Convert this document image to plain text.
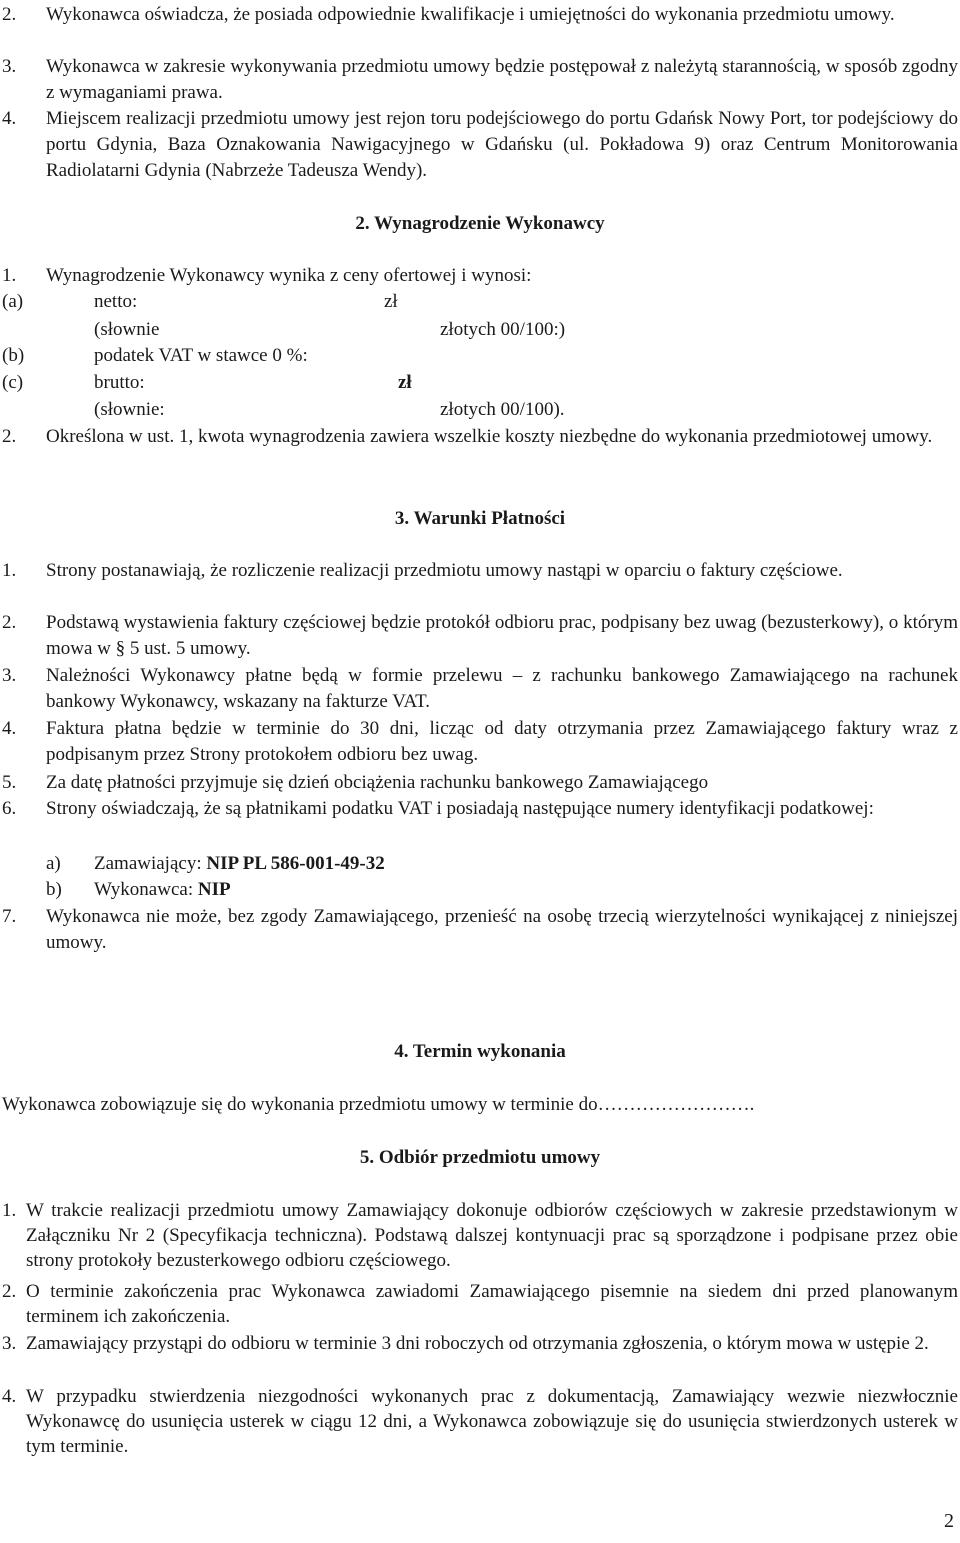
2. Wykonawca oświadcza, że posiada odpowiednie kwalifikacje i umiejętności do wykonania przedmiotu umowy.
3. Wykonawca w zakresie wykonywania przedmiotu umowy będzie postępował z należytą starannością, w sposób zgodny z wymaganiami prawa.
4. Miejscem realizacji przedmiotu umowy jest rejon toru podejściowego do portu Gdańsk Nowy Port, tor podejściowy do portu Gdynia, Baza Oznakowania Nawigacyjnego w Gdańsku (ul. Pokładowa 9) oraz Centrum Monitorowania Radiolatarni Gdynia (Nabrzeże Tadeusza Wendy).
2. Wynagrodzenie Wykonawcy
1. Wynagrodzenie Wykonawcy wynika z ceny ofertowej i wynosi:
(a)	netto:	zł
(słownie	złotych 00/100:)
(b)	podatek VAT w stawce 0 %:
(c)	brutto:	zł
(słownie:	złotych 00/100).
2. Określona w ust. 1, kwota wynagrodzenia zawiera wszelkie koszty niezbędne do wykonania przedmiotowej umowy.
3. Warunki Płatności
1. Strony postanawiają, że rozliczenie realizacji przedmiotu umowy nastąpi w oparciu o faktury częściowe.
2. Podstawą wystawienia faktury częściowej będzie protokół odbioru prac, podpisany bez uwag (bezusterkowy), o którym mowa w § 5 ust. 5 umowy.
3. Należności Wykonawcy płatne będą w formie przelewu – z rachunku bankowego Zamawiającego na rachunek bankowy Wykonawcy, wskazany na fakturze VAT.
4. Faktura płatna będzie w terminie do 30 dni, licząc od daty otrzymania przez Zamawiającego faktury wraz z podpisanym przez Strony protokołem odbioru bez uwag.
5. Za datę płatności przyjmuje się dzień obciążenia rachunku bankowego Zamawiającego
6. Strony oświadczają, że są płatnikami podatku VAT i posiadają następujące numery identyfikacji podatkowej:
a) Zamawiający: NIP PL 586-001-49-32
b) Wykonawca: NIP
7. Wykonawca nie może, bez zgody Zamawiającego, przenieść na osobę trzecią wierzytelności wynikającej z niniejszej umowy.
4. Termin wykonania
Wykonawca zobowiązuje się do wykonania przedmiotu umowy w terminie do…………………….
5. Odbiór przedmiotu umowy
1. W trakcie realizacji przedmiotu umowy Zamawiający dokonuje odbiorów częściowych w zakresie przedstawionym w Załączniku Nr 2 (Specyfikacja techniczna). Podstawą dalszej kontynuacji prac są sporządzone i podpisane przez obie strony protokoły bezusterkowego odbioru częściowego.
2. O terminie zakończenia prac Wykonawca zawiadomi Zamawiającego pisemnie na siedem dni przed planowanym terminem ich zakończenia.
3. Zamawiający przystąpi do odbioru w terminie 3 dni roboczych od otrzymania zgłoszenia, o którym mowa w ustępie 2.
4. W przypadku stwierdzenia niezgodności wykonanych prac z dokumentacją, Zamawiający wezwie niezwłocznie Wykonawcę do usunięcia usterek w ciągu 12 dni, a Wykonawca zobowiązuje się do usunięcia stwierdzonych usterek w tym terminie.
2
